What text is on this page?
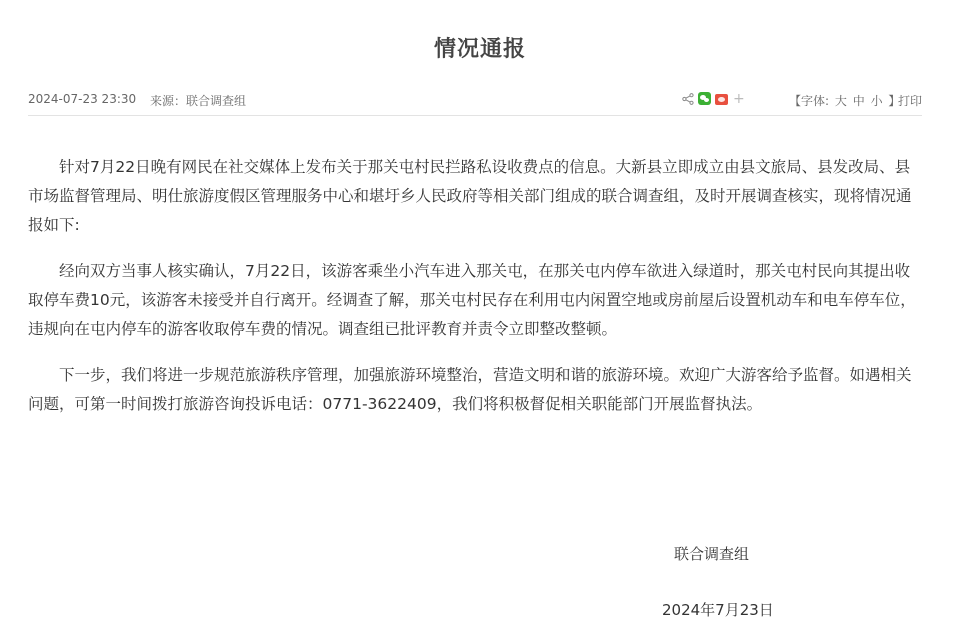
情况通报
2024-07-23 23:30 来源：联合调查组	+	【字体: 大 中 小 】
打印

针对7月22日晚有网民在社交媒体上发布关于那关屯村民拦路私设收费点的信息。大新县立即成立由县文旅局、县发改局、县市场监督管理局、明仕旅游度假区管理服务中心和堪圩乡人民政府等相关部门组成的联合调查组，及时开展调查核实，现将情况通报如下:

经向双方当事人核实确认，7月22日，该游客乘坐小汽车进入那关屯，在那关屯内停车欲进入绿道时，那关屯村民向其提出收取停车费10元，该游客未接受并自行离开。经调查了解，那关屯村民存在利用屯内闲置空地或房前屋后设置机动车和电车停车位，违规向在屯内停车的游客收取停车费的情况。调查组已批评教育并责令立即整改整顿。

下一步，我们将进一步规范旅游秩序管理，加强旅游环境整治，营造文明和谐的旅游环境。欢迎广大游客给予监督。如遇相关问题，可第一时间拨打旅游咨询投诉电话：0771-3622409，我们将积极督促相关职能部门开展监督执法。

联合调查组
2024年7月23日
